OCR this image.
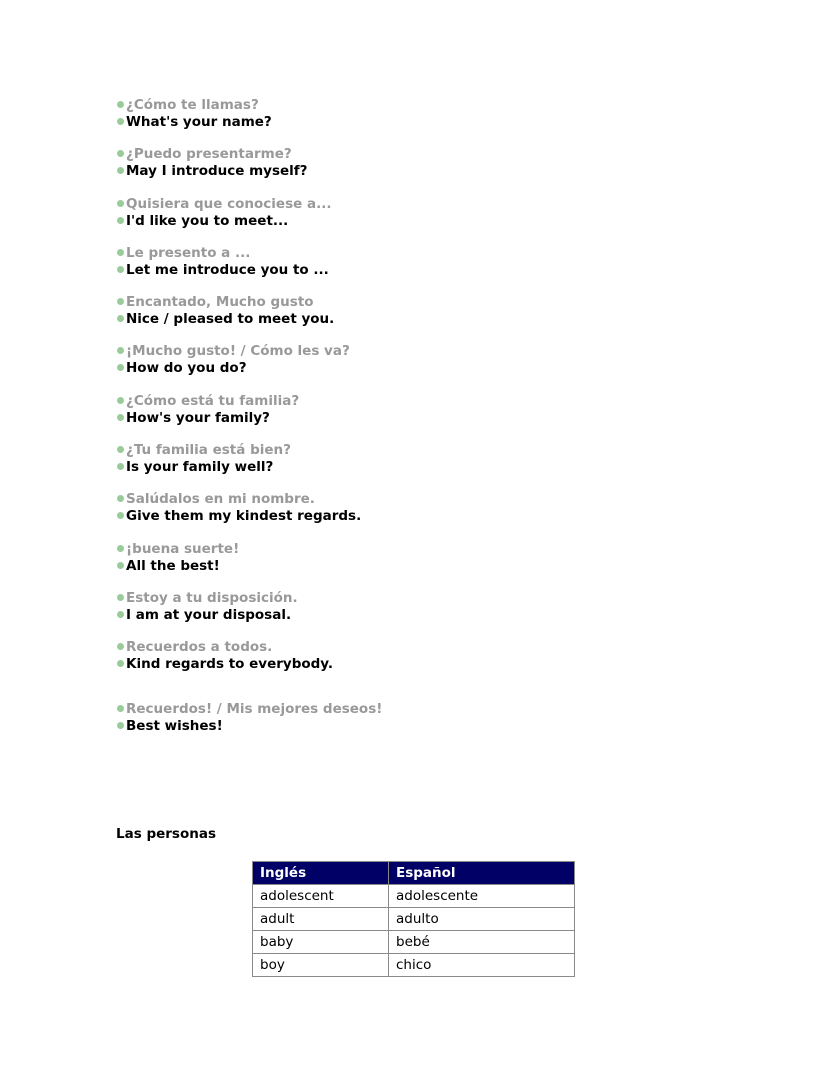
¿Cómo te llamas?
What's your name?
¿Puedo presentarme?
May I introduce myself?
Quisiera que conociese a...
I'd like you to meet...
Le presento a ...
Let me introduce you to ...
Encantado, Mucho gusto
Nice / pleased to meet you.
¡Mucho gusto! / Cómo les va?
How do you do?
¿Cómo está tu familia?
How's your family?
¿Tu familia está bien?
Is your family well?
Salúdalos en mi nombre.
Give them my kindest regards.
¡buena suerte!
All the best!
Estoy a tu disposición.
I am at your disposal.
Recuerdos a todos.
Kind regards to everybody.
Recuerdos! / Mis mejores deseos!
Best wishes!
Las personas
Inglés	Español
adolescent	adolescente
adult	adulto
baby	bebé
boy	chico
